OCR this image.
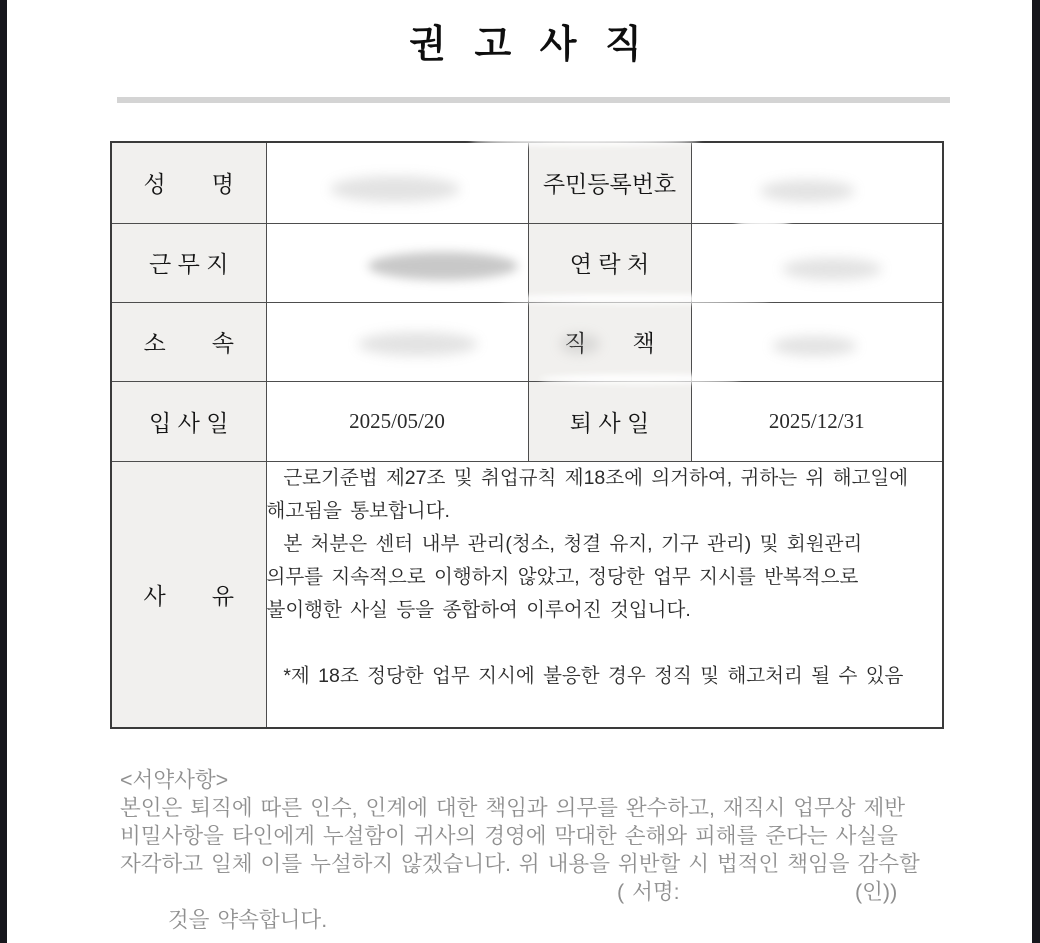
권 고 사 직
성　　명		주민등록번호	
근 무 지		연 락 처	
소　　속		직　　책	
입 사 일	2025/05/20	퇴 사 일	2025/12/31
사　　유	
근로기준법 제27조 및 취업규칙 제18조에 의거하여, 귀하는 위 해고일에
해고됨을 통보합니다.
본 처분은 센터 내부 관리(청소, 청결 유지, 기구 관리) 및 회원관리
의무를 지속적으로 이행하지 않았고, 정당한 업무 지시를 반복적으로
불이행한 사실 등을 종합하여 이루어진 것입니다.
*제 18조 정당한 업무 지시에 불응한 경우 정직 및 해고처리 될 수 있음
<서약사항>
본인은 퇴직에 따른 인수, 인계에 대한 책임과 의무를 완수하고, 재직시 업무상 제반
비밀사항을 타인에게 누설함이 귀사의 경영에 막대한 손해와 피해를 준다는 사실을
자각하고 일체 이를 누설하지 않겠습니다. 위 내용을 위반할 시 법적인 책임을 감수할

것을 약속합니다.

( 서명:

	(인))
